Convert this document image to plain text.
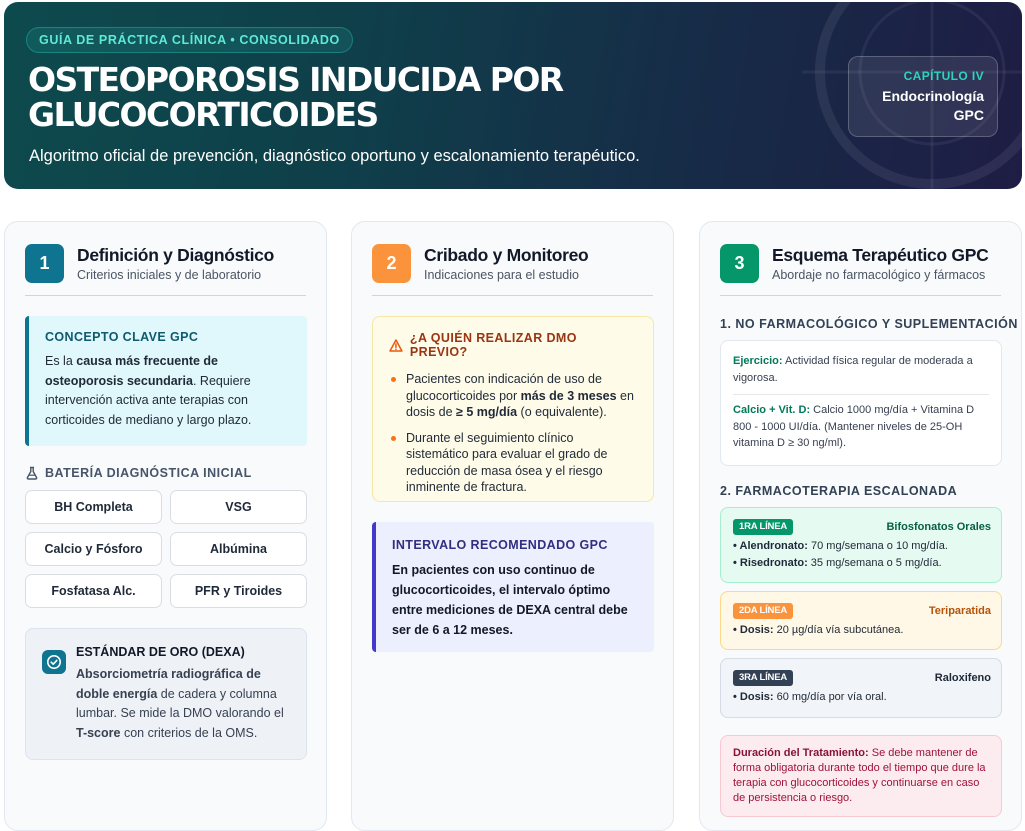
GUÍA DE PRÁCTICA CLÍNICA • CONSOLIDADO
OSTEOPOROSIS INDUCIDA POR
GLUCOCORTICOIDES
Algoritmo oficial de prevención, diagnóstico oportuno y escalonamiento terapéutico.
CAPÍTULO IV
Endocrinología
GPC
1	Definición y Diagnóstico
Criterios iniciales y de laboratorio
CONCEPTO CLAVE GPC
Es la causa más frecuente de osteoporosis secundaria. Requiere intervención activa ante terapias con corticoides de mediano y largo plazo.
BATERÍA DIAGNÓSTICA INICIAL
BH Completa	VSG
Calcio y Fósforo	Albúmina
Fosfatasa Alc.	PFR y Tiroides
ESTÁNDAR DE ORO (DEXA)
Absorciometría radiográfica de doble energía de cadera y columna lumbar. Se mide la DMO valorando el T-score con criterios de la OMS.
2	Cribado y Monitoreo
Indicaciones para el estudio
¿A QUIÉN REALIZAR DMO PREVIO?
Pacientes con indicación de uso de glucocorticoides por más de 3 meses en dosis de ≥ 5 mg/día (o equivalente).
Durante el seguimiento clínico sistemático para evaluar el grado de reducción de masa ósea y el riesgo inminente de fractura.
INTERVALO RECOMENDADO GPC
En pacientes con uso continuo de glucocorticoides, el intervalo óptimo entre mediciones de DEXA central debe ser de 6 a 12 meses.
3	Esquema Terapéutico GPC
Abordaje no farmacológico y fármacos
1. NO FARMACOLÓGICO Y SUPLEMENTACIÓN
Ejercicio: Actividad física regular de moderada a vigorosa.
Calcio + Vit. D: Calcio 1000 mg/día + Vitamina D 800 - 1000 UI/día. (Mantener niveles de 25-OH vitamina D ≥ 30 ng/ml).
2. FARMACOTERAPIA ESCALONADA
1RA LÍNEA	Bifosfonatos Orales
• Alendronato: 70 mg/semana o 10 mg/día.
• Risedronato: 35 mg/semana o 5 mg/día.
2DA LÍNEA	Teriparatida
• Dosis: 20 µg/día vía subcutánea.
3RA LÍNEA	Raloxifeno
• Dosis: 60 mg/día por vía oral.
Duración del Tratamiento: Se debe mantener de forma obligatoria durante todo el tiempo que dure la terapia con glucocorticoides y continuarse en caso de persistencia o riesgo.
